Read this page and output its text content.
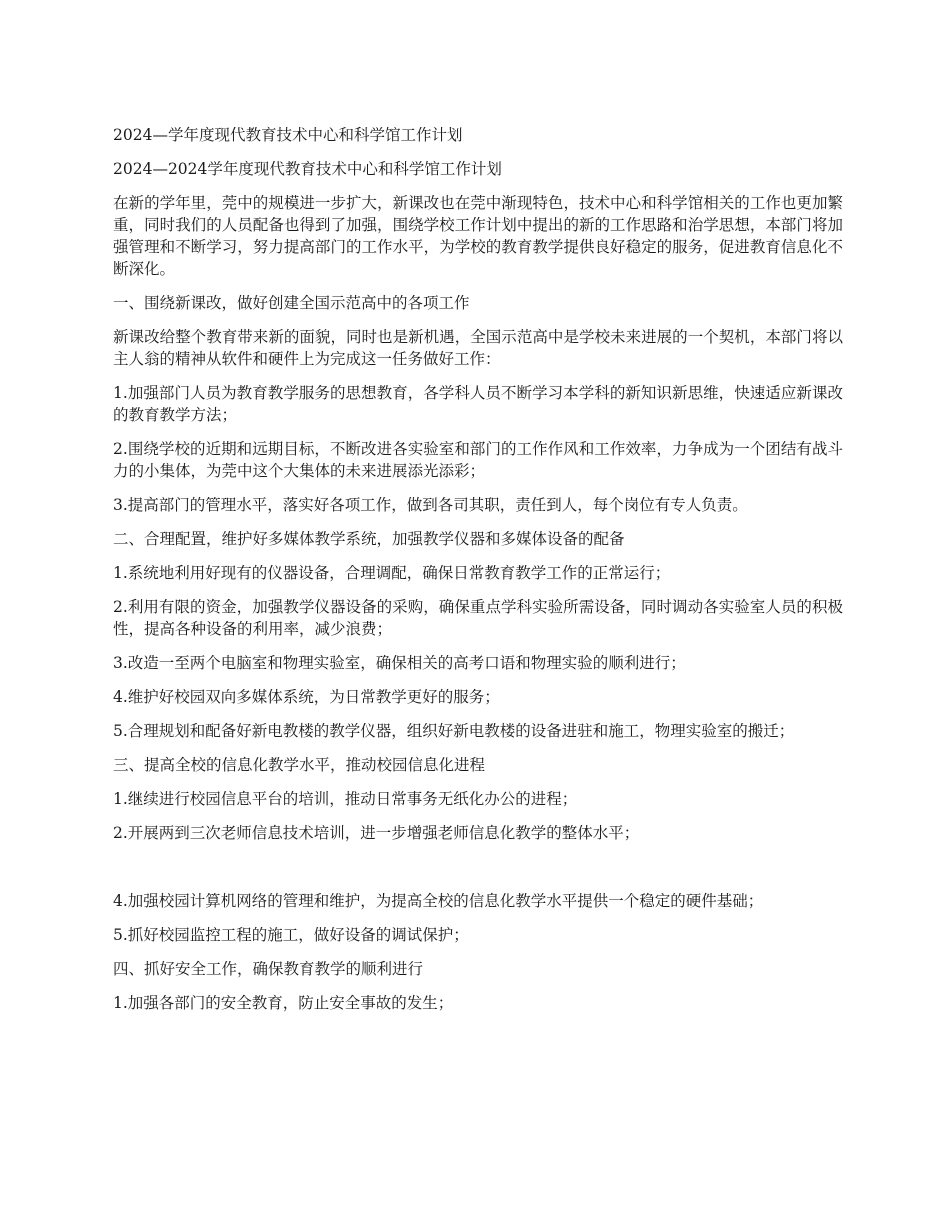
2024—学年度现代教育技术中心和科学馆工作计划

2024—2024学年度现代教育技术中心和科学馆工作计划

在新的学年里，莞中的规模进一步扩大，新课改也在莞中渐现特色，技术中心和科学馆相关的工作也更加繁重，同时我们的人员配备也得到了加强，围绕学校工作计划中提出的新的工作思路和治学思想，本部门将加强管理和不断学习，努力提高部门的工作水平，为学校的教育教学提供良好稳定的服务，促进教育信息化不断深化。

一、围绕新课改，做好创建全国示范高中的各项工作

新课改给整个教育带来新的面貌，同时也是新机遇，全国示范高中是学校未来进展的一个契机，本部门将以主人翁的精神从软件和硬件上为完成这一任务做好工作：

1.加强部门人员为教育教学服务的思想教育，各学科人员不断学习本学科的新知识新思维，快速适应新课改的教育教学方法；

2.围绕学校的近期和远期目标，不断改进各实验室和部门的工作作风和工作效率，力争成为一个团结有战斗力的小集体，为莞中这个大集体的未来进展添光添彩；

3.提高部门的管理水平，落实好各项工作，做到各司其职，责任到人，每个岗位有专人负责。

二、合理配置，维护好多媒体教学系统，加强教学仪器和多媒体设备的配备

1.系统地利用好现有的仪器设备，合理调配，确保日常教育教学工作的正常运行；

2.利用有限的资金，加强教学仪器设备的采购，确保重点学科实验所需设备，同时调动各实验室人员的积极性，提高各种设备的利用率，减少浪费；

3.改造一至两个电脑室和物理实验室，确保相关的高考口语和物理实验的顺利进行；

4.维护好校园双向多媒体系统，为日常教学更好的服务；

5.合理规划和配备好新电教楼的教学仪器，组织好新电教楼的设备进驻和施工，物理实验室的搬迁；

三、提高全校的信息化教学水平，推动校园信息化进程

1.继续进行校园信息平台的培训，推动日常事务无纸化办公的进程；

2.开展两到三次老师信息技术培训，进一步增强老师信息化教学的整体水平；

4.加强校园计算机网络的管理和维护，为提高全校的信息化教学水平提供一个稳定的硬件基础；

5.抓好校园监控工程的施工，做好设备的调试保护；

四、抓好安全工作，确保教育教学的顺利进行

1.加强各部门的安全教育，防止安全事故的发生；
